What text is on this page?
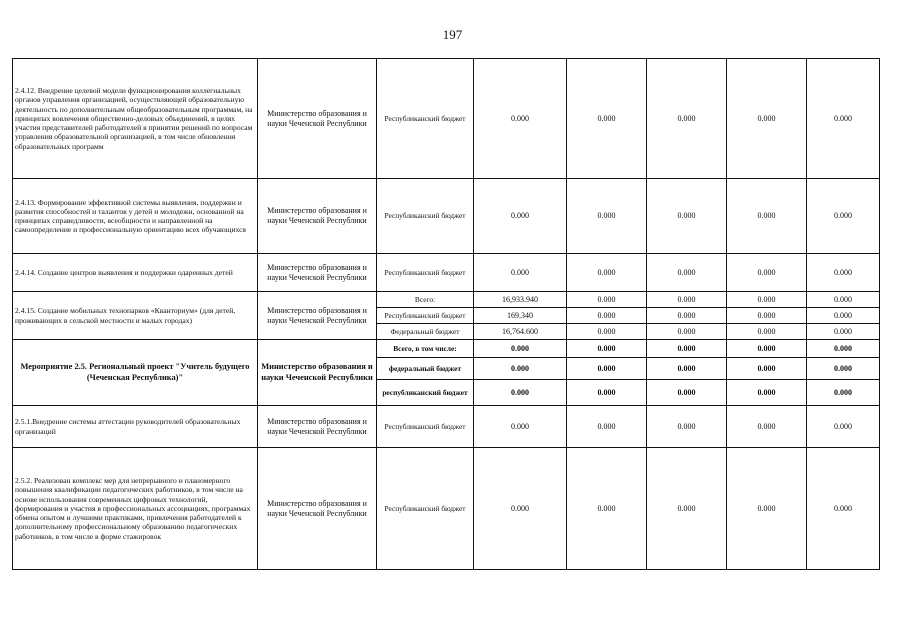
197
2.4.12. Внедрение целевой модели функционирования коллегиальных органов управления организацией, осуществляющей образовательную деятельность по дополнительным общеобразовательным программам, на принципах вовлечения общественно-деловых объединений, в целях участия представителей работодателей в принятии решений по вопросам управления образовательной организацией, в том числе обновления образовательных программ	Министерство образования и науки Чеченской Республики	Республиканский бюджет	0.000	0.000	0.000	0.000	0.000
2.4.13. Формирование эффективной системы выявления, поддержки и развития способностей и талантов у детей и молодежи, основанной на принципах справедливости, всеобщности и направленной на самоопределение и профессиональную ориентацию всех обучающихся	Министерство образования и науки Чеченской Республики	Республиканский бюджет	0.000	0.000	0.000	0.000	0.000
2.4.14. Создание центров выявления и поддержки одаренных детей	Министерство образования и науки Чеченской Республики	Республиканский бюджет	0.000	0.000	0.000	0.000	0.000
2.4.15. Создание мобильных технопарков «Кванториум» (для детей, проживающих в сельской местности и малых городах)	Министерство образования и науки Чеченской Республики	Всего:	16,933.940	0.000	0.000	0.000	0.000
		Республиканский бюджет	169.340	0.000	0.000	0.000	0.000
		Федеральный бюджет	16,764.600	0.000	0.000	0.000	0.000
Мероприятие 2.5. Региональный проект "Учитель будущего (Чеченская Республика)"	Министерство образования и науки Чеченской Республики	Всего, в том числе:	0.000	0.000	0.000	0.000	0.000
		федеральный бюджет	0.000	0.000	0.000	0.000	0.000
		республиканский бюджет	0.000	0.000	0.000	0.000	0.000
2.5.1.Внедрение системы аттестации руководителей образовательных организаций	Министерство образования и науки Чеченской Республики	Республиканский бюджет	0.000	0.000	0.000	0.000	0.000
2.5.2. Реализован комплекс мер для непрерывного и планомерного повышения квалификации педагогических работников, в том числе на основе использования современных цифровых технологий, формирования и участия в профессиональных ассоциациях, программах обмена опытом и лучшими практиками, привлечения работодателей к дополнительному профессиональному образованию педагогических работников, в том числе в форме стажировок	Министерство образования и науки Чеченской Республики	Республиканский бюджет	0.000	0.000	0.000	0.000	0.000
